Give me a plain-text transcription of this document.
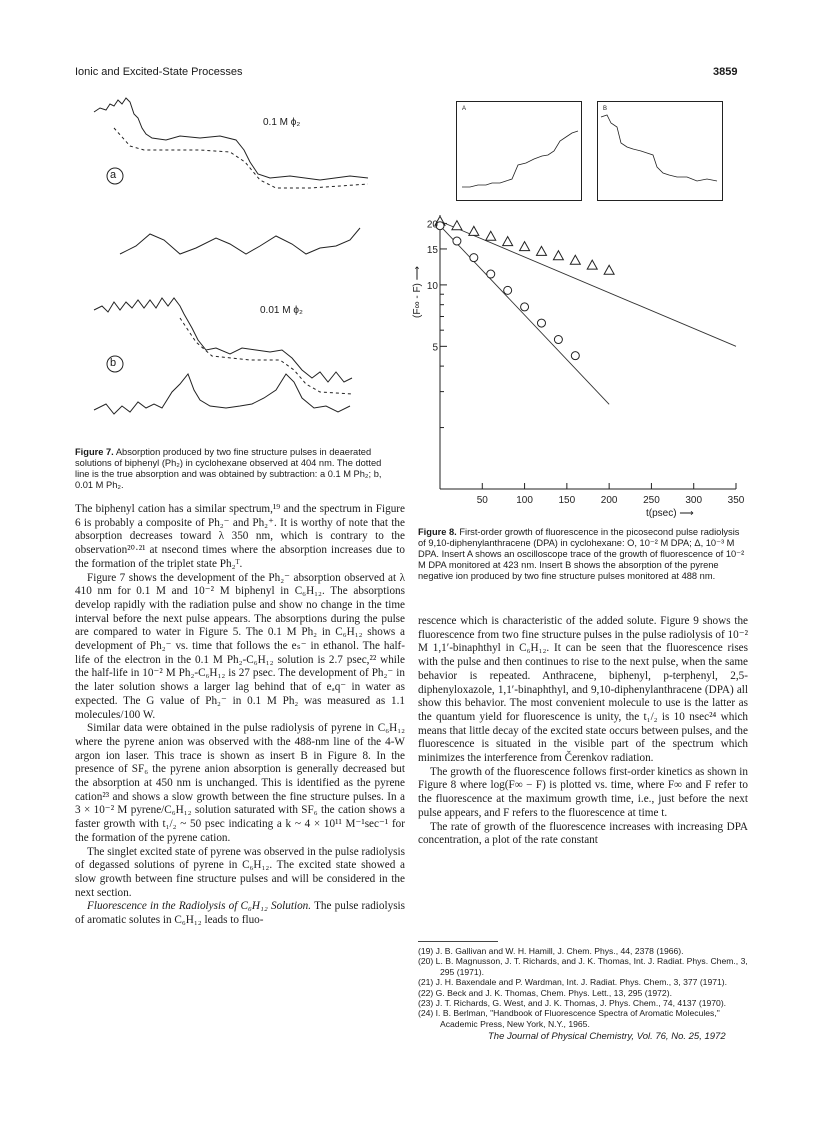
Ionic and Excited-State Processes	3859
a
b
0.1 M ϕ₂
0.01 M ϕ₂
Figure 7. Absorption produced by two fine structure pulses in deaerated solutions of biphenyl (Ph₂) in cyclohexane observed at 404 nm. The dotted line is the true absorption and was obtained by subtraction: a 0.1 M Ph₂; b, 0.01 M Ph₂.

The biphenyl cation has a similar spectrum,¹⁹ and the spectrum in Figure 6 is probably a composite of Ph₂⁻ and Ph₂⁺. It is worthy of note that the absorption decreases toward λ 350 nm, which is contrary to the observation²⁰·²¹ at nsecond times where the absorption increases due to the formation of the triplet state Ph₂ᵀ.

Figure 7 shows the development of the Ph₂⁻ absorption observed at λ 410 nm for 0.1 M and 10⁻² M biphenyl in C₆H₁₂. The absorptions develop rapidly with the radiation pulse and show no change in the time interval before the next pulse appears. The absorptions during the pulse are compared to water in Figure 5. The 0.1 M Ph₂ in C₆H₁₂ shows a development of Ph₂⁻ vs. time that follows the eₛ⁻ in ethanol. The half-life of the electron in the 0.1 M Ph₂-C₆H₁₂ solution is 2.7 psec,²² while the half-life in 10⁻² M Ph₂-C₆H₁₂ is 27 psec. The development of Ph₂⁻ in the later solution shows a larger lag behind that of eₐq⁻ in water as expected. The G value of Ph₂⁻ in 0.1 M Ph₂ was measured as 1.1 molecules/100 W.

Similar data were obtained in the pulse radiolysis of pyrene in C₆H₁₂ where the pyrene anion was observed with the 488-nm line of the 4-W argon ion laser. This trace is shown as insert B in Figure 8. In the presence of SF₆ the pyrene anion absorption is generally decreased but the absorption at 450 nm is unchanged. This is identified as the pyrene cation²³ and shows a slow growth between the fine structure pulses. In a 3 × 10⁻² M pyrene/C₆H₁₂ solution saturated with SF₆ the cation shows a faster growth with t₁/₂ ~ 50 psec indicating a k ~ 4 × 10¹¹ M⁻¹sec⁻¹ for the formation of the pyrene cation.

The singlet excited state of pyrene was observed in the pulse radiolysis of degassed solutions of pyrene in C₆H₁₂. The excited state showed a slow growth between fine structure pulses and will be considered in the next section.

Fluorescence in the Radiolysis of C₆H₁₂ Solution. The pulse radiolysis of aromatic solutes in C₆H₁₂ leads to fluo-

A	B
50	100	150	200	250	300	350
5
10
15
20
(F∞ - F) ⟶
t(psec) ⟶
Figure 8. First-order growth of fluorescence in the picosecond pulse radiolysis of 9,10-diphenylanthracene (DPA) in cyclohexane: O, 10⁻² M DPA; Δ, 10⁻³ M DPA. Insert A shows an oscilloscope trace of the growth of fluorescence of 10⁻² M DPA monitored at 423 nm. Insert B shows the absorption of the pyrene negative ion produced by two fine structure pulses monitored at 488 nm.

rescence which is characteristic of the added solute. Figure 9 shows the fluorescence from two fine structure pulses in the pulse radiolysis of 10⁻² M 1,1′-binaphthyl in C₆H₁₂. It can be seen that the fluorescence rises with the pulse and then continues to rise to the next pulse, when the same behavior is repeated. Anthracene, biphenyl, p-terphenyl, 2,5-diphenyloxazole, 1,1′-binaphthyl, and 9,10-diphenylanthracene (DPA) all show this behavior. The most convenient molecule to use is the latter as the quantum yield for fluorescence is unity, the t₁/₂ is 10 nsec²⁴ which means that little decay of the excited state occurs between pulses, and the fluorescence is situated in the visible part of the spectrum which minimizes the interference from Čerenkov radiation.

The growth of the fluorescence follows first-order kinetics as shown in Figure 8 where log(F∞ − F) is plotted vs. time, where F∞ and F refer to the fluorescence at the maximum growth time, i.e., just before the next pulse appears, and F refers to the fluorescence at time t.

The rate of growth of the fluorescence increases with increasing DPA concentration, a plot of the rate constant

(19) J. B. Gallivan and W. H. Hamill, J. Chem. Phys., 44, 2378 (1966).
(20) L. B. Magnusson, J. T. Richards, and J. K. Thomas, Int. J. Radiat. Phys. Chem., 3, 295 (1971).
(21) J. H. Baxendale and P. Wardman, Int. J. Radiat. Phys. Chem., 3, 377 (1971).
(22) G. Beck and J. K. Thomas, Chem. Phys. Lett., 13, 295 (1972).
(23) J. T. Richards, G. West, and J. K. Thomas, J. Phys. Chem., 74, 4137 (1970).
(24) I. B. Berlman, "Handbook of Fluorescence Spectra of Aromatic Molecules," Academic Press, New York, N.Y., 1965.
The Journal of Physical Chemistry, Vol. 76, No. 25, 1972
